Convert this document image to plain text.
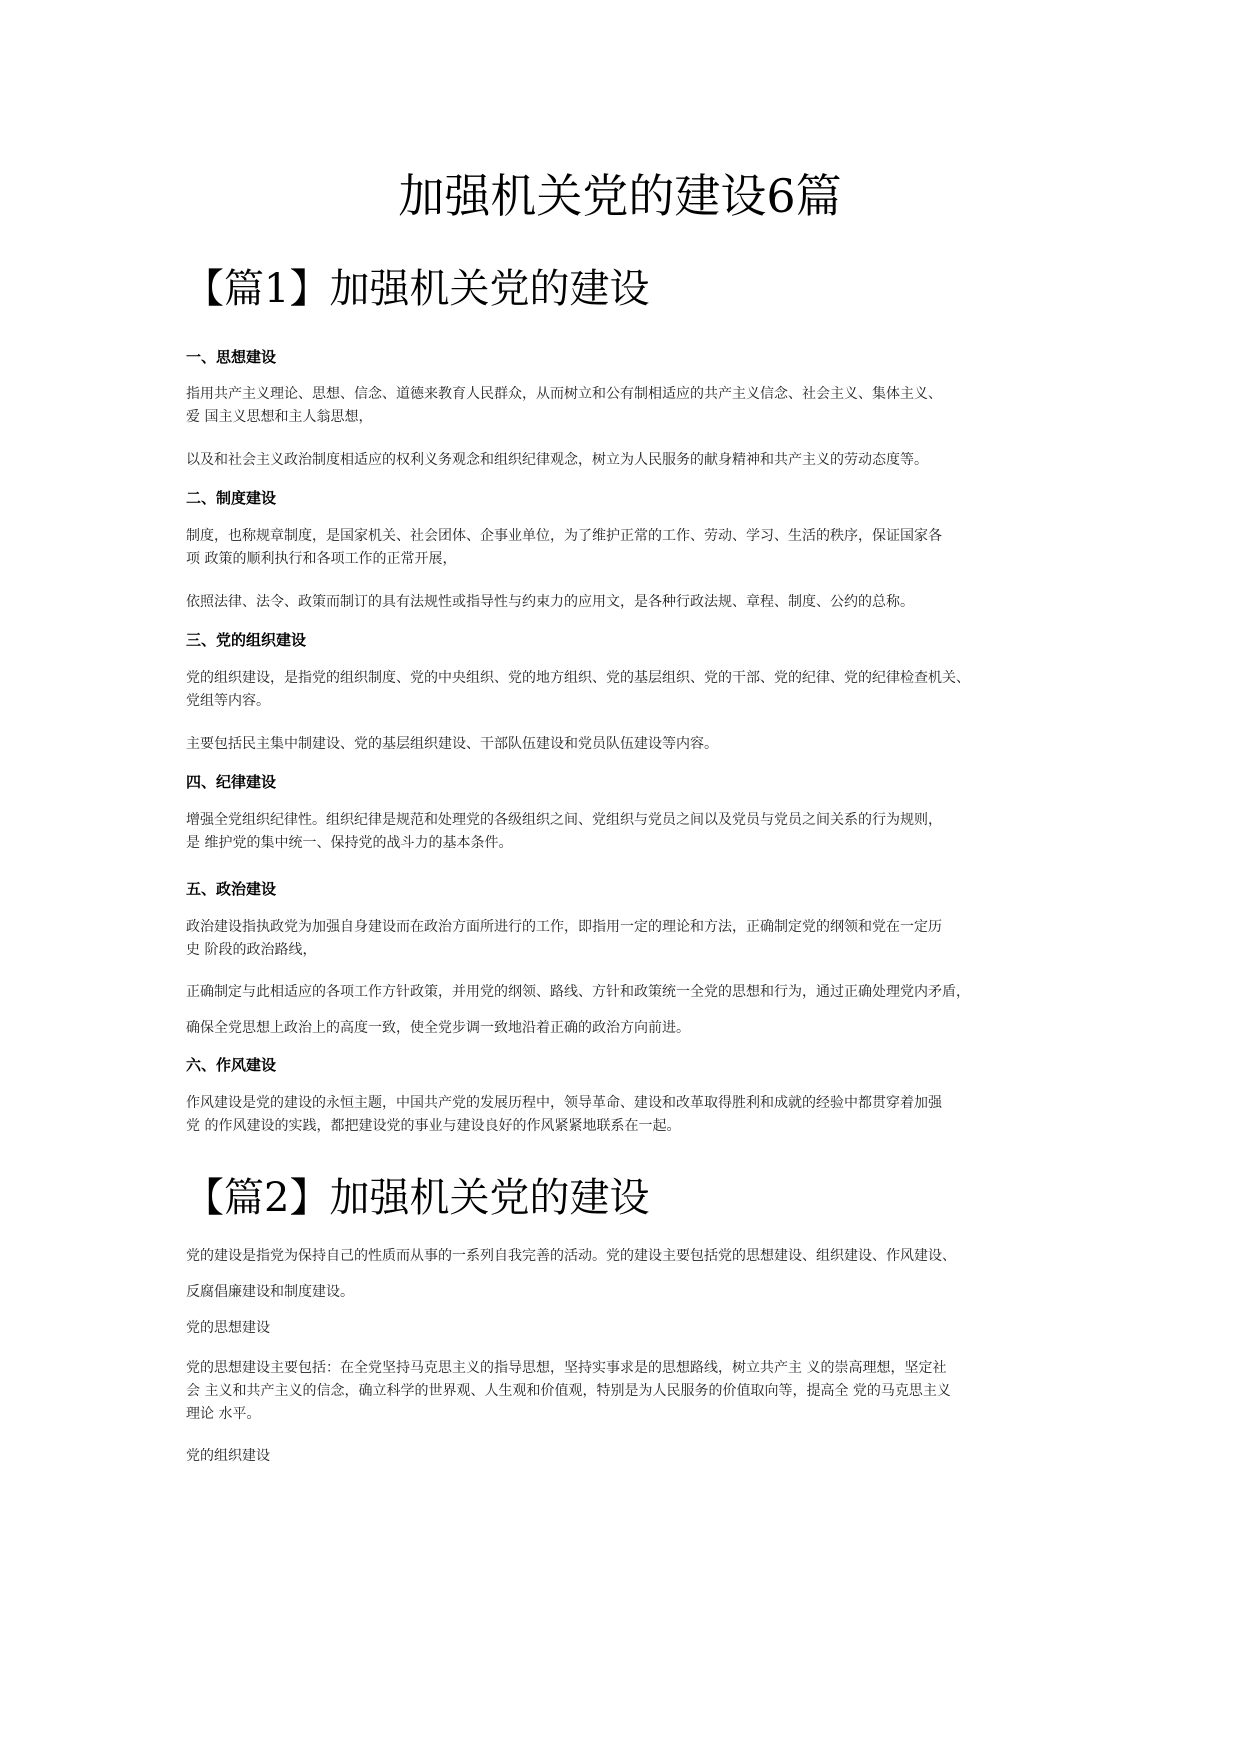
加强机关党的建设6篇
【篇1】加强机关党的建设
一、思想建设
指用共产主义理论、思想、信念、道德来教育人民群众，从而树立和公有制相适应的共产主义信念、社会主义、集体主义、
爱 国主义思想和主人翁思想，
以及和社会主义政治制度相适应的权利义务观念和组织纪律观念，树立为人民服务的献身精神和共产主义的劳动态度等。
二、制度建设
制度，也称规章制度，是国家机关、社会团体、企事业单位，为了维护正常的工作、劳动、学习、生活的秩序，保证国家各
项 政策的顺利执行和各项工作的正常开展，
依照法律、法令、政策而制订的具有法规性或指导性与约束力的应用文，是各种行政法规、章程、制度、公约的总称。
三、党的组织建设
党的组织建设，是指党的组织制度、党的中央组织、党的地方组织、党的基层组织、党的干部、党的纪律、党的纪律检查机关、
党组等内容。
主要包括民主集中制建设、党的基层组织建设、干部队伍建设和党员队伍建设等内容。
四、纪律建设
增强全党组织纪律性。组织纪律是规范和处理党的各级组织之间、党组织与党员之间以及党员与党员之间关系的行为规则，
是 维护党的集中统一、保持党的战斗力的基本条件。
五、政治建设
政治建设指执政党为加强自身建设而在政治方面所进行的工作，即指用一定的理论和方法，正确制定党的纲领和党在一定历
史 阶段的政治路线，
正确制定与此相适应的各项工作方针政策，并用党的纲领、路线、方针和政策统一全党的思想和行为，通过正确处理党内矛盾，
确保全党思想上政治上的高度一致，使全党步调一致地沿着正确的政治方向前进。
六、作风建设
作风建设是党的建设的永恒主题，中国共产党的发展历程中，领导革命、建设和改革取得胜利和成就的经验中都贯穿着加强
党 的作风建设的实践，都把建设党的事业与建设良好的作风紧紧地联系在一起。
【篇2】加强机关党的建设
党的建设是指党为保持自己的性质而从事的一系列自我完善的活动。党的建设主要包括党的思想建设、组织建设、作风建设、
反腐倡廉建设和制度建设。
党的思想建设
党的思想建设主要包括：在全党坚持马克思主义的指导思想，坚持实事求是的思想路线，树立共产主 义的崇高理想，坚定社
会 主义和共产主义的信念，确立科学的世界观、人生观和价值观，特别是为人民服务的价值取向等，提高全 党的马克思主义
理论 水平。
党的组织建设
